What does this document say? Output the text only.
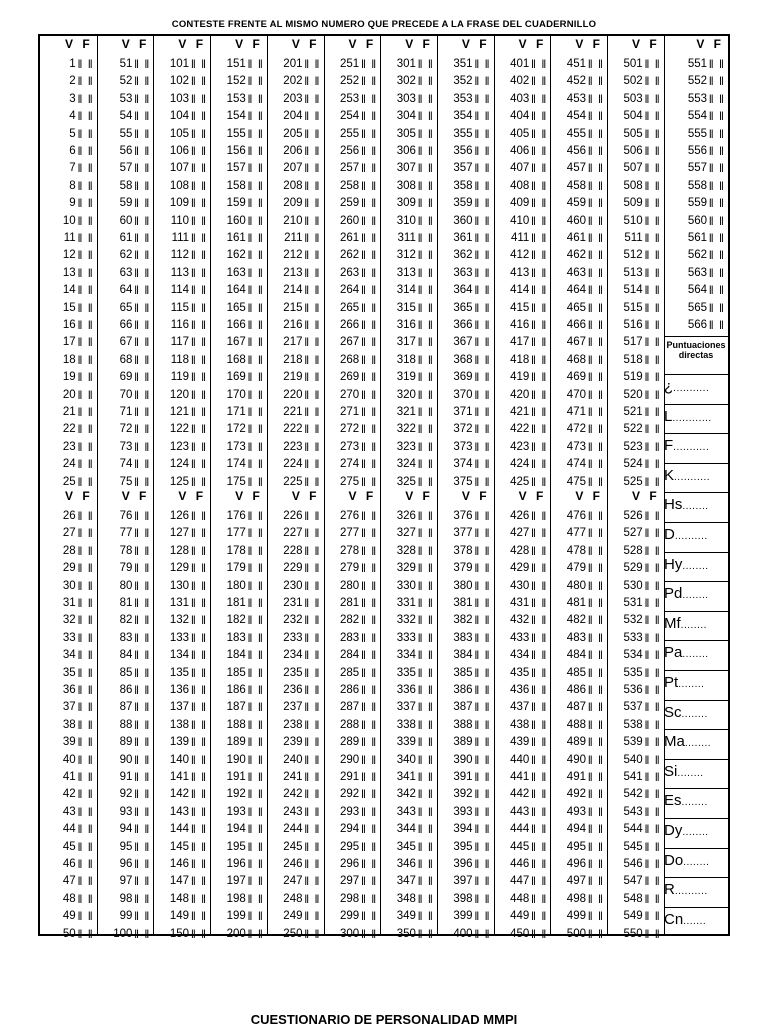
CONTESTE FRENTE AL MISMO NUMERO QUE PRECEDE A LA FRASE DEL CUADERNILLO
V F
1 ‖ ‖
2 ‖ ‖
3 ‖ ‖
4 ‖ ‖
5 ‖ ‖
6 ‖ ‖
7 ‖ ‖
8 ‖ ‖
9 ‖ ‖
10 ‖ ‖
11 ‖ ‖
12 ‖ ‖
13 ‖ ‖
14 ‖ ‖
15 ‖ ‖
16 ‖ ‖
17 ‖ ‖
18 ‖ ‖
19 ‖ ‖
20 ‖ ‖
21 ‖ ‖
22 ‖ ‖
23 ‖ ‖
24 ‖ ‖
25 ‖ ‖
V F
26 ‖ ‖
27 ‖ ‖
28 ‖ ‖
29 ‖ ‖
30 ‖ ‖
31 ‖ ‖
32 ‖ ‖
33 ‖ ‖
34 ‖ ‖
35 ‖ ‖
36 ‖ ‖
37 ‖ ‖
38 ‖ ‖
39 ‖ ‖
40 ‖ ‖
41 ‖ ‖
42 ‖ ‖
43 ‖ ‖
44 ‖ ‖
45 ‖ ‖
46 ‖ ‖
47 ‖ ‖
48 ‖ ‖
49 ‖ ‖
50 ‖ ‖
V F
51 ‖ ‖
52 ‖ ‖
53 ‖ ‖
54 ‖ ‖
55 ‖ ‖
56 ‖ ‖
57 ‖ ‖
58 ‖ ‖
59 ‖ ‖
60 ‖ ‖
61 ‖ ‖
62 ‖ ‖
63 ‖ ‖
64 ‖ ‖
65 ‖ ‖
66 ‖ ‖
67 ‖ ‖
68 ‖ ‖
69 ‖ ‖
70 ‖ ‖
71 ‖ ‖
72 ‖ ‖
73 ‖ ‖
74 ‖ ‖
75 ‖ ‖
V F
76 ‖ ‖
77 ‖ ‖
78 ‖ ‖
79 ‖ ‖
80 ‖ ‖
81 ‖ ‖
82 ‖ ‖
83 ‖ ‖
84 ‖ ‖
85 ‖ ‖
86 ‖ ‖
87 ‖ ‖
88 ‖ ‖
89 ‖ ‖
90 ‖ ‖
91 ‖ ‖
92 ‖ ‖
93 ‖ ‖
94 ‖ ‖
95 ‖ ‖
96 ‖ ‖
97 ‖ ‖
98 ‖ ‖
99 ‖ ‖
100 ‖ ‖
V F
101 ‖ ‖
102 ‖ ‖
103 ‖ ‖
104 ‖ ‖
105 ‖ ‖
106 ‖ ‖
107 ‖ ‖
108 ‖ ‖
109 ‖ ‖
110 ‖ ‖
111 ‖ ‖
112 ‖ ‖
113 ‖ ‖
114 ‖ ‖
115 ‖ ‖
116 ‖ ‖
117 ‖ ‖
118 ‖ ‖
119 ‖ ‖
120 ‖ ‖
121 ‖ ‖
122 ‖ ‖
123 ‖ ‖
124 ‖ ‖
125 ‖ ‖
V F
126 ‖ ‖
127 ‖ ‖
128 ‖ ‖
129 ‖ ‖
130 ‖ ‖
131 ‖ ‖
132 ‖ ‖
133 ‖ ‖
134 ‖ ‖
135 ‖ ‖
136 ‖ ‖
137 ‖ ‖
138 ‖ ‖
139 ‖ ‖
140 ‖ ‖
141 ‖ ‖
142 ‖ ‖
143 ‖ ‖
144 ‖ ‖
145 ‖ ‖
146 ‖ ‖
147 ‖ ‖
148 ‖ ‖
149 ‖ ‖
150 ‖ ‖
V F
151 ‖ ‖
152 ‖ ‖
153 ‖ ‖
154 ‖ ‖
155 ‖ ‖
156 ‖ ‖
157 ‖ ‖
158 ‖ ‖
159 ‖ ‖
160 ‖ ‖
161 ‖ ‖
162 ‖ ‖
163 ‖ ‖
164 ‖ ‖
165 ‖ ‖
166 ‖ ‖
167 ‖ ‖
168 ‖ ‖
169 ‖ ‖
170 ‖ ‖
171 ‖ ‖
172 ‖ ‖
173 ‖ ‖
174 ‖ ‖
175 ‖ ‖
V F
176 ‖ ‖
177 ‖ ‖
178 ‖ ‖
179 ‖ ‖
180 ‖ ‖
181 ‖ ‖
182 ‖ ‖
183 ‖ ‖
184 ‖ ‖
185 ‖ ‖
186 ‖ ‖
187 ‖ ‖
188 ‖ ‖
189 ‖ ‖
190 ‖ ‖
191 ‖ ‖
192 ‖ ‖
193 ‖ ‖
194 ‖ ‖
195 ‖ ‖
196 ‖ ‖
197 ‖ ‖
198 ‖ ‖
199 ‖ ‖
200 ‖ ‖
V F
201 ‖ ‖
202 ‖ ‖
203 ‖ ‖
204 ‖ ‖
205 ‖ ‖
206 ‖ ‖
207 ‖ ‖
208 ‖ ‖
209 ‖ ‖
210 ‖ ‖
211 ‖ ‖
212 ‖ ‖
213 ‖ ‖
214 ‖ ‖
215 ‖ ‖
216 ‖ ‖
217 ‖ ‖
218 ‖ ‖
219 ‖ ‖
220 ‖ ‖
221 ‖ ‖
222 ‖ ‖
223 ‖ ‖
224 ‖ ‖
225 ‖ ‖
V F
226 ‖ ‖
227 ‖ ‖
228 ‖ ‖
229 ‖ ‖
230 ‖ ‖
231 ‖ ‖
232 ‖ ‖
233 ‖ ‖
234 ‖ ‖
235 ‖ ‖
236 ‖ ‖
237 ‖ ‖
238 ‖ ‖
239 ‖ ‖
240 ‖ ‖
241 ‖ ‖
242 ‖ ‖
243 ‖ ‖
244 ‖ ‖
245 ‖ ‖
246 ‖ ‖
247 ‖ ‖
248 ‖ ‖
249 ‖ ‖
250 ‖ ‖
V F
251 ‖ ‖
252 ‖ ‖
253 ‖ ‖
254 ‖ ‖
255 ‖ ‖
256 ‖ ‖
257 ‖ ‖
258 ‖ ‖
259 ‖ ‖
260 ‖ ‖
261 ‖ ‖
262 ‖ ‖
263 ‖ ‖
264 ‖ ‖
265 ‖ ‖
266 ‖ ‖
267 ‖ ‖
268 ‖ ‖
269 ‖ ‖
270 ‖ ‖
271 ‖ ‖
272 ‖ ‖
273 ‖ ‖
274 ‖ ‖
275 ‖ ‖
V F
276 ‖ ‖
277 ‖ ‖
278 ‖ ‖
279 ‖ ‖
280 ‖ ‖
281 ‖ ‖
282 ‖ ‖
283 ‖ ‖
284 ‖ ‖
285 ‖ ‖
286 ‖ ‖
287 ‖ ‖
288 ‖ ‖
289 ‖ ‖
290 ‖ ‖
291 ‖ ‖
292 ‖ ‖
293 ‖ ‖
294 ‖ ‖
295 ‖ ‖
296 ‖ ‖
297 ‖ ‖
298 ‖ ‖
299 ‖ ‖
300 ‖ ‖
V F
301 ‖ ‖
302 ‖ ‖
303 ‖ ‖
304 ‖ ‖
305 ‖ ‖
306 ‖ ‖
307 ‖ ‖
308 ‖ ‖
309 ‖ ‖
310 ‖ ‖
311 ‖ ‖
312 ‖ ‖
313 ‖ ‖
314 ‖ ‖
315 ‖ ‖
316 ‖ ‖
317 ‖ ‖
318 ‖ ‖
319 ‖ ‖
320 ‖ ‖
321 ‖ ‖
322 ‖ ‖
323 ‖ ‖
324 ‖ ‖
325 ‖ ‖
V F
326 ‖ ‖
327 ‖ ‖
328 ‖ ‖
329 ‖ ‖
330 ‖ ‖
331 ‖ ‖
332 ‖ ‖
333 ‖ ‖
334 ‖ ‖
335 ‖ ‖
336 ‖ ‖
337 ‖ ‖
338 ‖ ‖
339 ‖ ‖
340 ‖ ‖
341 ‖ ‖
342 ‖ ‖
343 ‖ ‖
344 ‖ ‖
345 ‖ ‖
346 ‖ ‖
347 ‖ ‖
348 ‖ ‖
349 ‖ ‖
350 ‖ ‖
V F
351 ‖ ‖
352 ‖ ‖
353 ‖ ‖
354 ‖ ‖
355 ‖ ‖
356 ‖ ‖
357 ‖ ‖
358 ‖ ‖
359 ‖ ‖
360 ‖ ‖
361 ‖ ‖
362 ‖ ‖
363 ‖ ‖
364 ‖ ‖
365 ‖ ‖
366 ‖ ‖
367 ‖ ‖
368 ‖ ‖
369 ‖ ‖
370 ‖ ‖
371 ‖ ‖
372 ‖ ‖
373 ‖ ‖
374 ‖ ‖
375 ‖ ‖
V F
376 ‖ ‖
377 ‖ ‖
378 ‖ ‖
379 ‖ ‖
380 ‖ ‖
381 ‖ ‖
382 ‖ ‖
383 ‖ ‖
384 ‖ ‖
385 ‖ ‖
386 ‖ ‖
387 ‖ ‖
388 ‖ ‖
389 ‖ ‖
390 ‖ ‖
391 ‖ ‖
392 ‖ ‖
393 ‖ ‖
394 ‖ ‖
395 ‖ ‖
396 ‖ ‖
397 ‖ ‖
398 ‖ ‖
399 ‖ ‖
400 ‖ ‖
V F
401 ‖ ‖
402 ‖ ‖
403 ‖ ‖
404 ‖ ‖
405 ‖ ‖
406 ‖ ‖
407 ‖ ‖
408 ‖ ‖
409 ‖ ‖
410 ‖ ‖
411 ‖ ‖
412 ‖ ‖
413 ‖ ‖
414 ‖ ‖
415 ‖ ‖
416 ‖ ‖
417 ‖ ‖
418 ‖ ‖
419 ‖ ‖
420 ‖ ‖
421 ‖ ‖
422 ‖ ‖
423 ‖ ‖
424 ‖ ‖
425 ‖ ‖
V F
426 ‖ ‖
427 ‖ ‖
428 ‖ ‖
429 ‖ ‖
430 ‖ ‖
431 ‖ ‖
432 ‖ ‖
433 ‖ ‖
434 ‖ ‖
435 ‖ ‖
436 ‖ ‖
437 ‖ ‖
438 ‖ ‖
439 ‖ ‖
440 ‖ ‖
441 ‖ ‖
442 ‖ ‖
443 ‖ ‖
444 ‖ ‖
445 ‖ ‖
446 ‖ ‖
447 ‖ ‖
448 ‖ ‖
449 ‖ ‖
450 ‖ ‖
V F
451 ‖ ‖
452 ‖ ‖
453 ‖ ‖
454 ‖ ‖
455 ‖ ‖
456 ‖ ‖
457 ‖ ‖
458 ‖ ‖
459 ‖ ‖
460 ‖ ‖
461 ‖ ‖
462 ‖ ‖
463 ‖ ‖
464 ‖ ‖
465 ‖ ‖
466 ‖ ‖
467 ‖ ‖
468 ‖ ‖
469 ‖ ‖
470 ‖ ‖
471 ‖ ‖
472 ‖ ‖
473 ‖ ‖
474 ‖ ‖
475 ‖ ‖
V F
476 ‖ ‖
477 ‖ ‖
478 ‖ ‖
479 ‖ ‖
480 ‖ ‖
481 ‖ ‖
482 ‖ ‖
483 ‖ ‖
484 ‖ ‖
485 ‖ ‖
486 ‖ ‖
487 ‖ ‖
488 ‖ ‖
489 ‖ ‖
490 ‖ ‖
491 ‖ ‖
492 ‖ ‖
493 ‖ ‖
494 ‖ ‖
495 ‖ ‖
496 ‖ ‖
497 ‖ ‖
498 ‖ ‖
499 ‖ ‖
500 ‖ ‖
V F
501 ‖ ‖
502 ‖ ‖
503 ‖ ‖
504 ‖ ‖
505 ‖ ‖
506 ‖ ‖
507 ‖ ‖
508 ‖ ‖
509 ‖ ‖
510 ‖ ‖
511 ‖ ‖
512 ‖ ‖
513 ‖ ‖
514 ‖ ‖
515 ‖ ‖
516 ‖ ‖
517 ‖ ‖
518 ‖ ‖
519 ‖ ‖
520 ‖ ‖
521 ‖ ‖
522 ‖ ‖
523 ‖ ‖
524 ‖ ‖
525 ‖ ‖
V F
526 ‖ ‖
527 ‖ ‖
528 ‖ ‖
529 ‖ ‖
530 ‖ ‖
531 ‖ ‖
532 ‖ ‖
533 ‖ ‖
534 ‖ ‖
535 ‖ ‖
536 ‖ ‖
537 ‖ ‖
538 ‖ ‖
539 ‖ ‖
540 ‖ ‖
541 ‖ ‖
542 ‖ ‖
543 ‖ ‖
544 ‖ ‖
545 ‖ ‖
546 ‖ ‖
547 ‖ ‖
548 ‖ ‖
549 ‖ ‖
550 ‖ ‖
Puntuaciones directas
V F
551 ‖ ‖
552 ‖ ‖
553 ‖ ‖
554 ‖ ‖
555 ‖ ‖
556 ‖ ‖
557 ‖ ‖
558 ‖ ‖
559 ‖ ‖
560 ‖ ‖
561 ‖ ‖
562 ‖ ‖
563 ‖ ‖
564 ‖ ‖
565 ‖ ‖
566 ‖ ‖
¿...........
L............
F...........
K...........
Hs........
D..........
Hy........
Pd........
Mf........
Pa........
Pt........
Sc........
Ma........
Si........
Es........
Dy........
Do........
R..........
Cn.......
CUESTIONARIO DE PERSONALIDAD MMPI
